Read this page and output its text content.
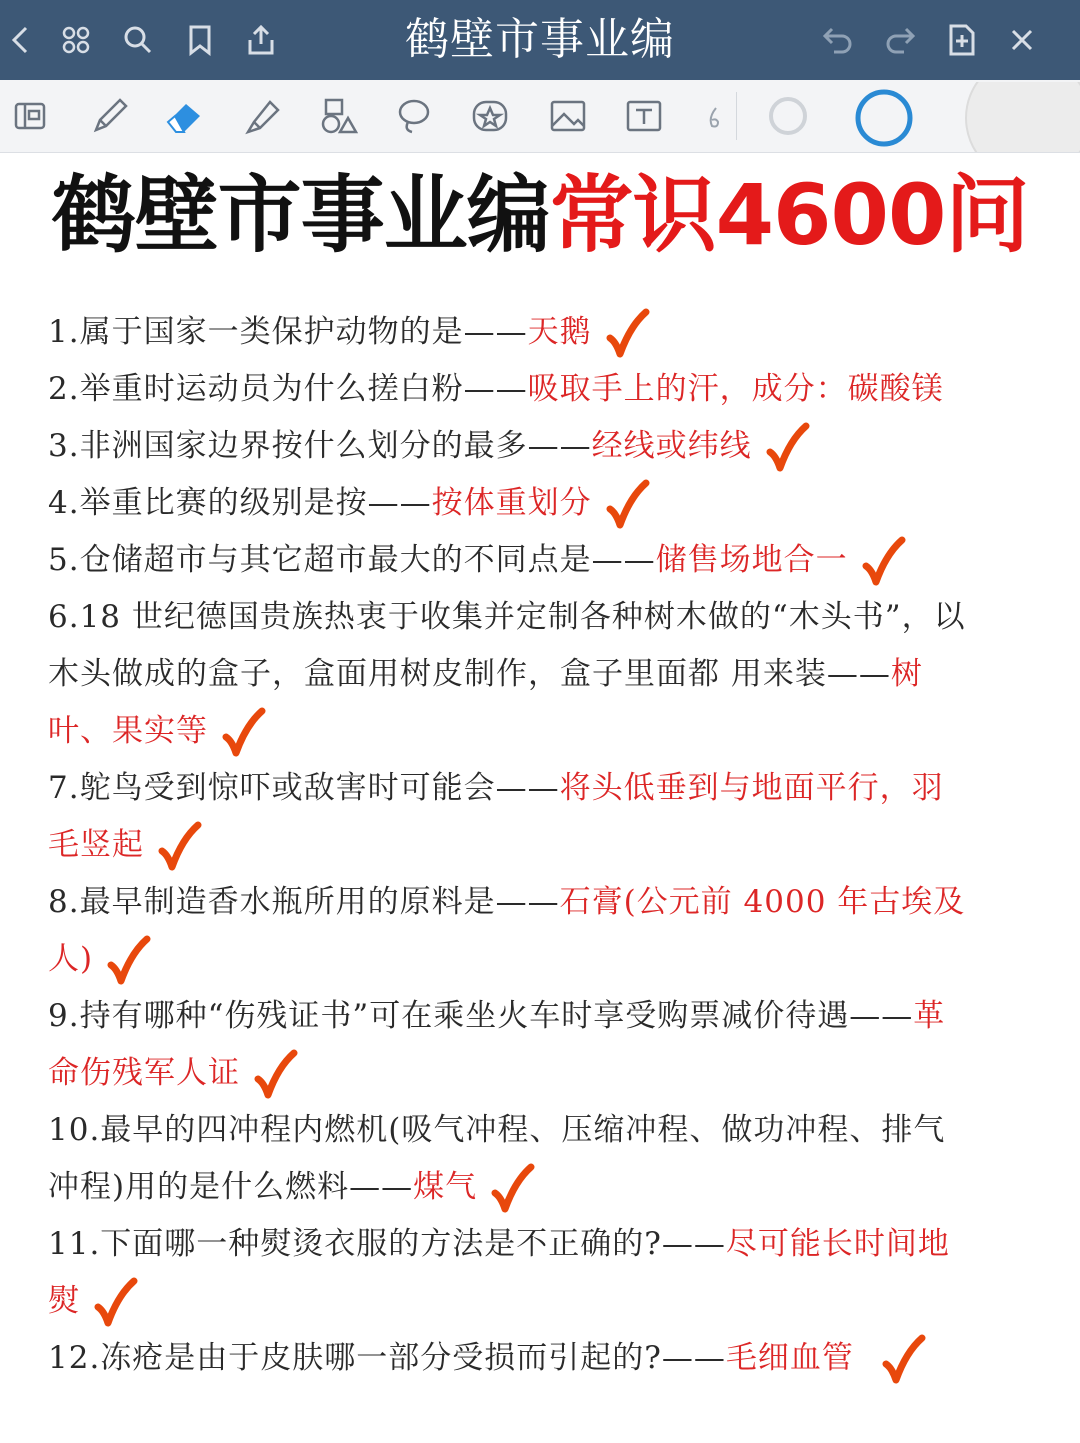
鹤壁市事业编
鹤壁市事业编常识4600问
1.属于国家一类保护动物的是——天鹅
2.举重时运动员为什么搓白粉——吸取手上的汗，成分：碳酸镁
3.非洲国家边界按什么划分的最多——经线或纬线
4.举重比赛的级别是按——按体重划分
5.仓储超市与其它超市最大的不同点是——储售场地合一
6.18 世纪德国贵族热衷于收集并定制各种树木做的“木头书”，以
木头做成的盒子，盒面用树皮制作，盒子里面都 用来装——树
叶、果实等
7.鸵鸟受到惊吓或敌害时可能会——将头低垂到与地面平行，羽
毛竖起
8.最早制造香水瓶所用的原料是——石膏(公元前 4000 年古埃及
人)
9.持有哪种“伤残证书”可在乘坐火车时享受购票减价待遇——革
命伤残军人证
10.最早的四冲程内燃机(吸气冲程、压缩冲程、做功冲程、排气
冲程)用的是什么燃料——煤气
11.下面哪一种熨烫衣服的方法是不正确的?——尽可能长时间地
熨
12.冻疮是由于皮肤哪一部分受损而引起的?——毛细血管
